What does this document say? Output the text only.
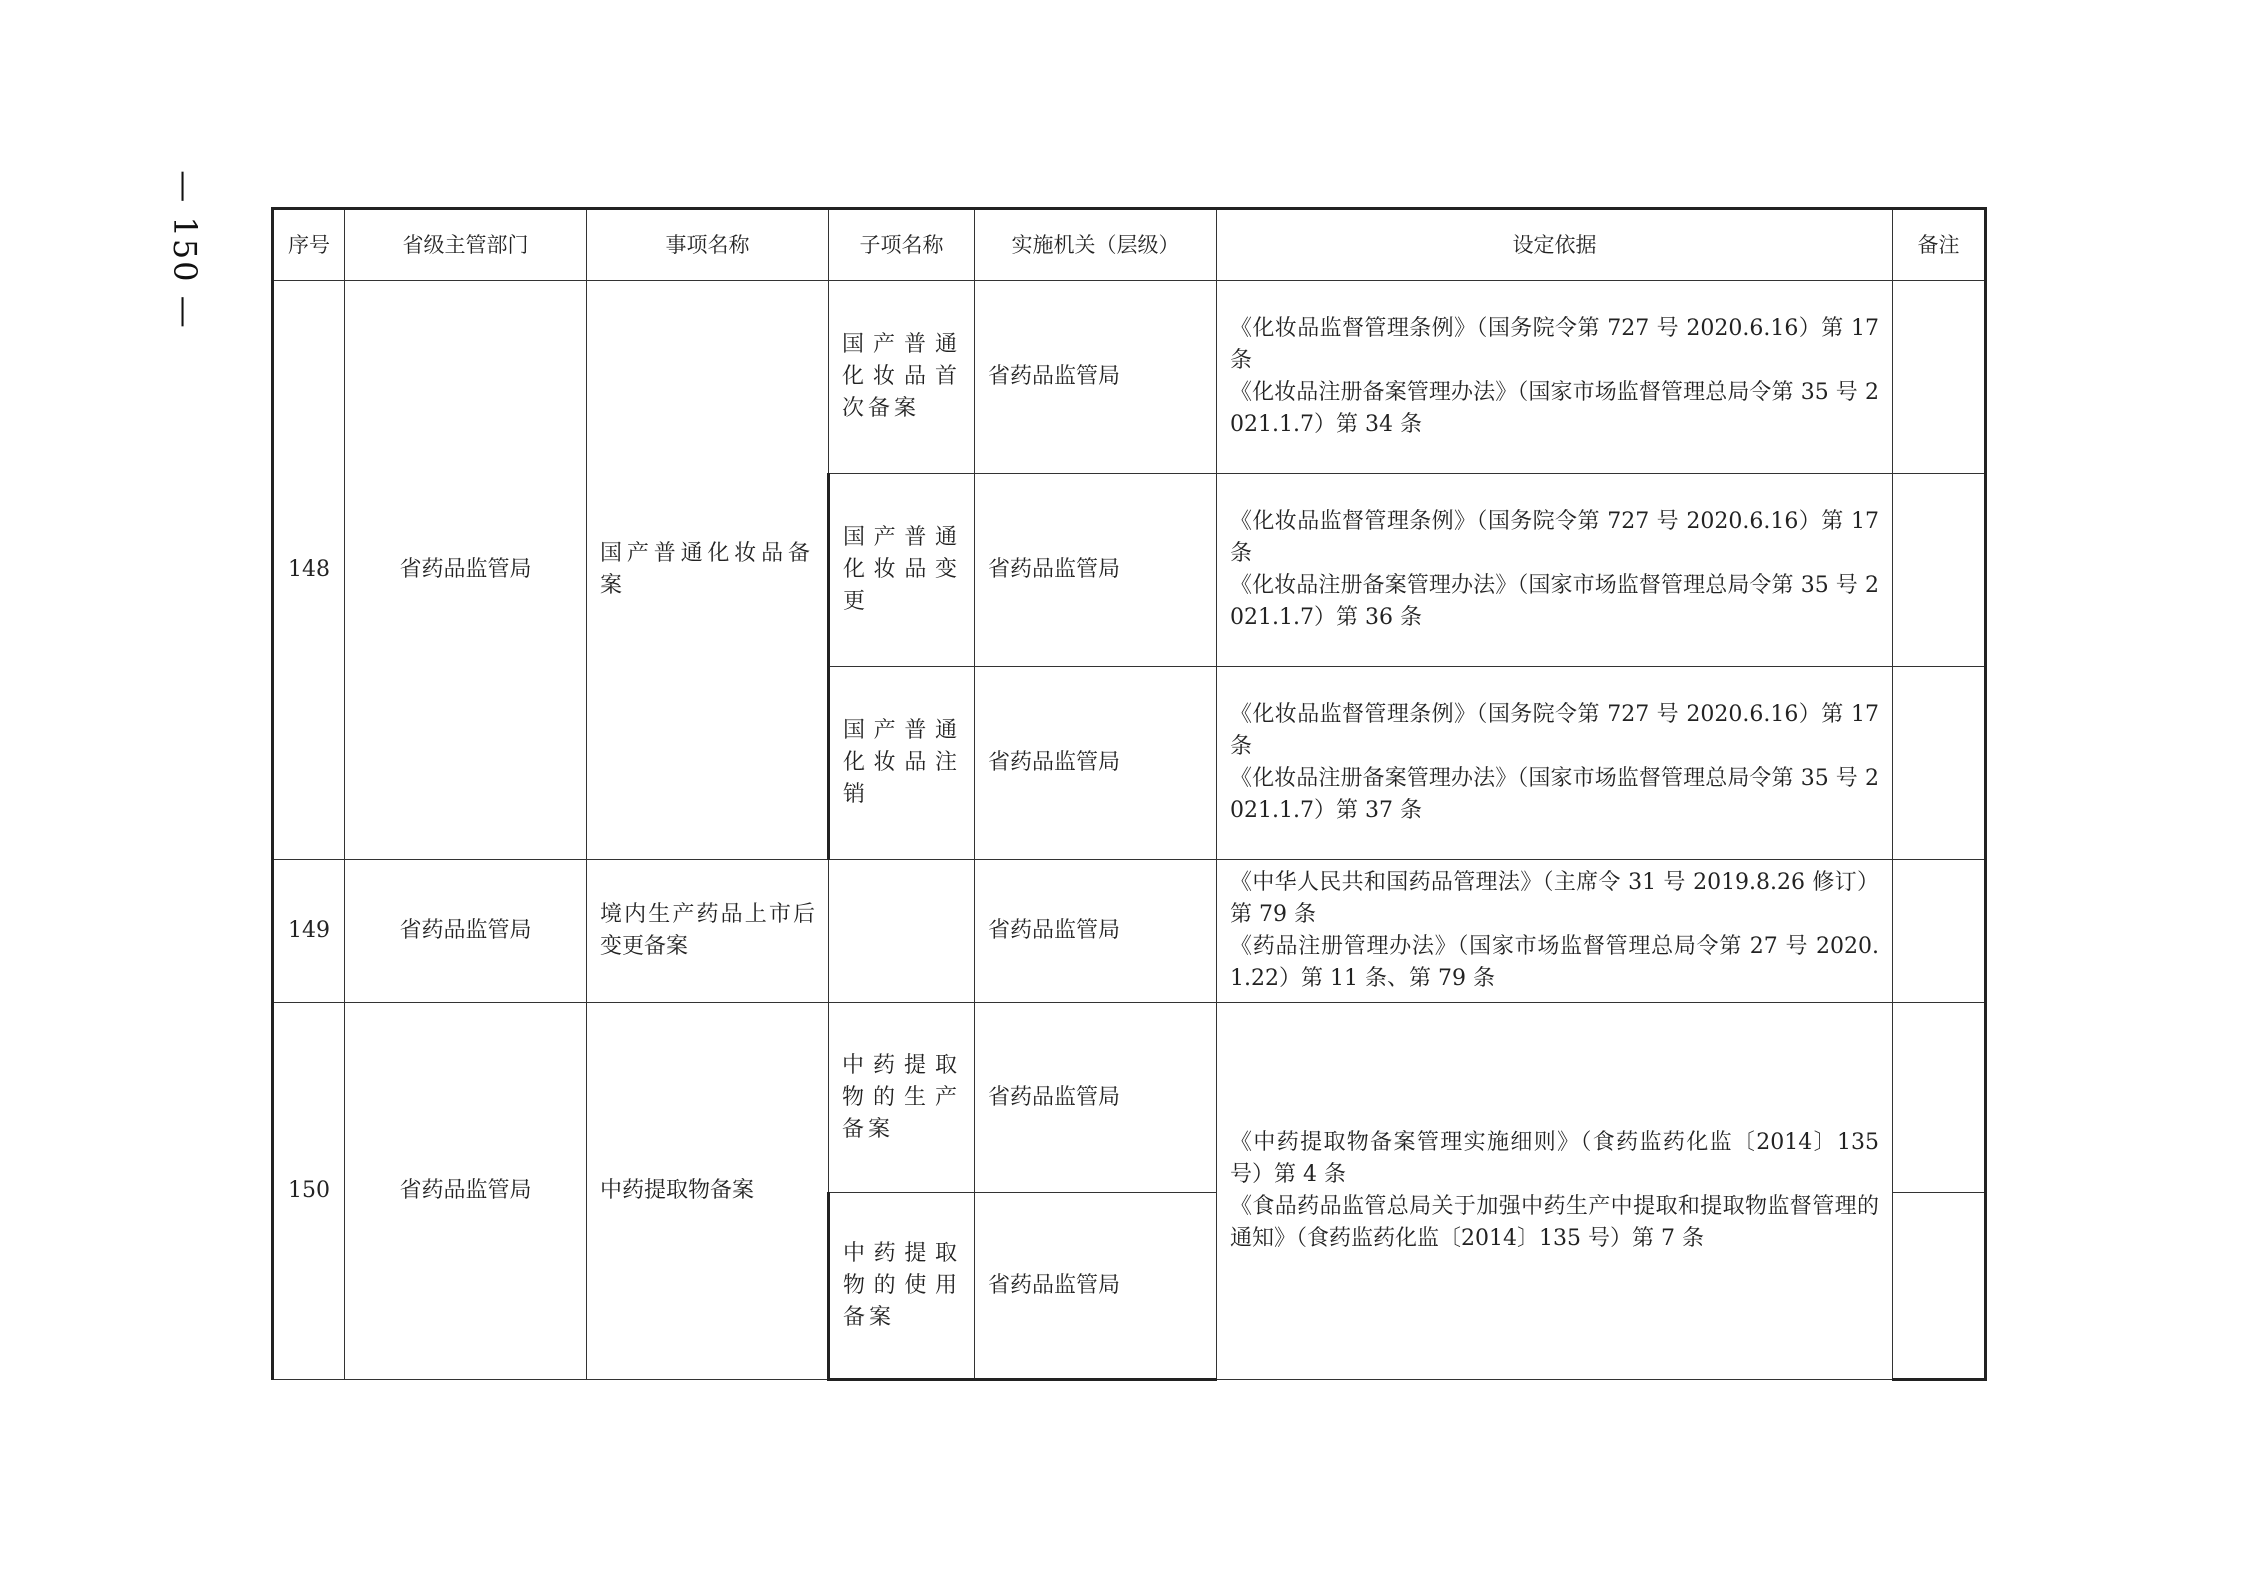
— 150 —	序号	省级主管部门	事项名称	子项名称	实施机关（层级）	设定依据	备注
148	省药品监管局	国产普通化妆品备案	国产普通化妆品首次备案	省药品监管局	《化妆品监督管理条例》（国务院令第 727 号 2020.6.16）第 17 条
《化妆品注册备案管理办法》（国家市场监督管理总局令第 35 号 2021.1.7）第 34 条	

			国产普通化妆品变更	省药品监管局	《化妆品监督管理条例》（国务院令第 727 号 2020.6.16）第 17 条
《化妆品注册备案管理办法》（国家市场监督管理总局令第 35 号 2021.1.7）第 36 条	

			国产普通化妆品注销	省药品监管局	《化妆品监督管理条例》（国务院令第 727 号 2020.6.16）第 17 条
《化妆品注册备案管理办法》（国家市场监督管理总局令第 35 号 2021.1.7）第 37 条	

149	省药品监管局	境内生产药品上市后变更备案		省药品监管局	《中华人民共和国药品管理法》（主席令 31 号 2019.8.26 修订）第 79 条
《药品注册管理办法》（国家市场监督管理总局令第 27 号 2020.1.22）第 11 条、第 79 条	

150	省药品监管局	中药提取物备案	中药提取物的生产备案	省药品监管局	《中药提取物备案管理实施细则》（食药监药化监〔2014〕135 号）第 4 条
《食品药品监管总局关于加强中药生产中提取和提取物监督管理的通知》（食药监药化监〔2014〕135 号）第 7 条	

			中药提取物的使用备案	省药品监管局		
